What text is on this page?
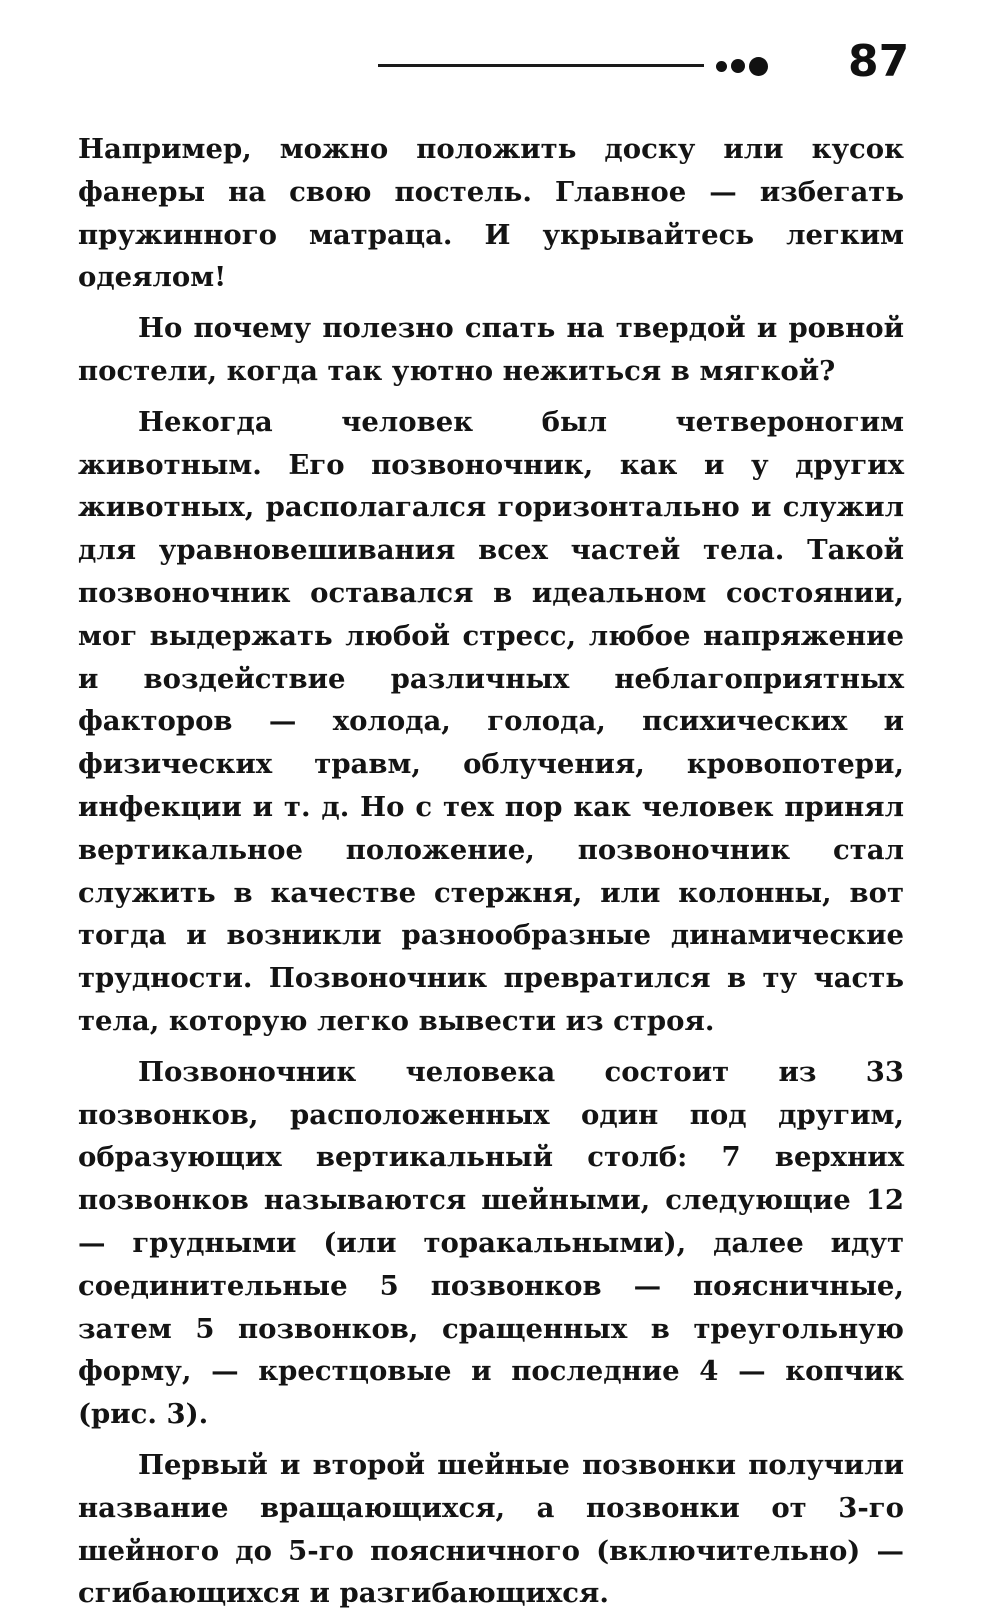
87

Например, можно положить доску или кусок фанеры на свою постель. Главное — избегать пружинного матраца. И укрывайтесь легким одеялом!

Но почему полезно спать на твердой и ровной постели, когда так уютно нежиться в мягкой?

Некогда человек был четвероногим животным. Его позвоночник, как и у других животных, располагался горизонтально и служил для уравновешивания всех частей тела. Такой позвоночник оставался в идеальном состоянии, мог выдержать любой стресс, любое напряжение и воздействие различных неблагоприятных факторов — холода, голода, психических и физических травм, облучения, кровопотери, инфекции и т. д. Но с тех пор как человек принял вертикальное положение, позвоночник стал служить в качестве стержня, или колонны, вот тогда и возникли разнообразные динамические трудности. Позвоночник превратился в ту часть тела, которую легко вывести из строя.

Позвоночник человека состоит из 33 позвонков, расположенных один под другим, образующих вертикальный столб: 7 верхних позвонков называются шейными, следующие 12 — грудными (или торакальными), далее идут соединительные 5 позвонков — поясничные, затем 5 позвонков, сращенных в треугольную форму, — крестцовые и последние 4 — копчик (рис. 3).

Первый и второй шейные позвонки получили название вращающихся, а позвонки от 3-го шейного до 5-го поясничного (включительно) — сгибающихся и разгибающихся.
